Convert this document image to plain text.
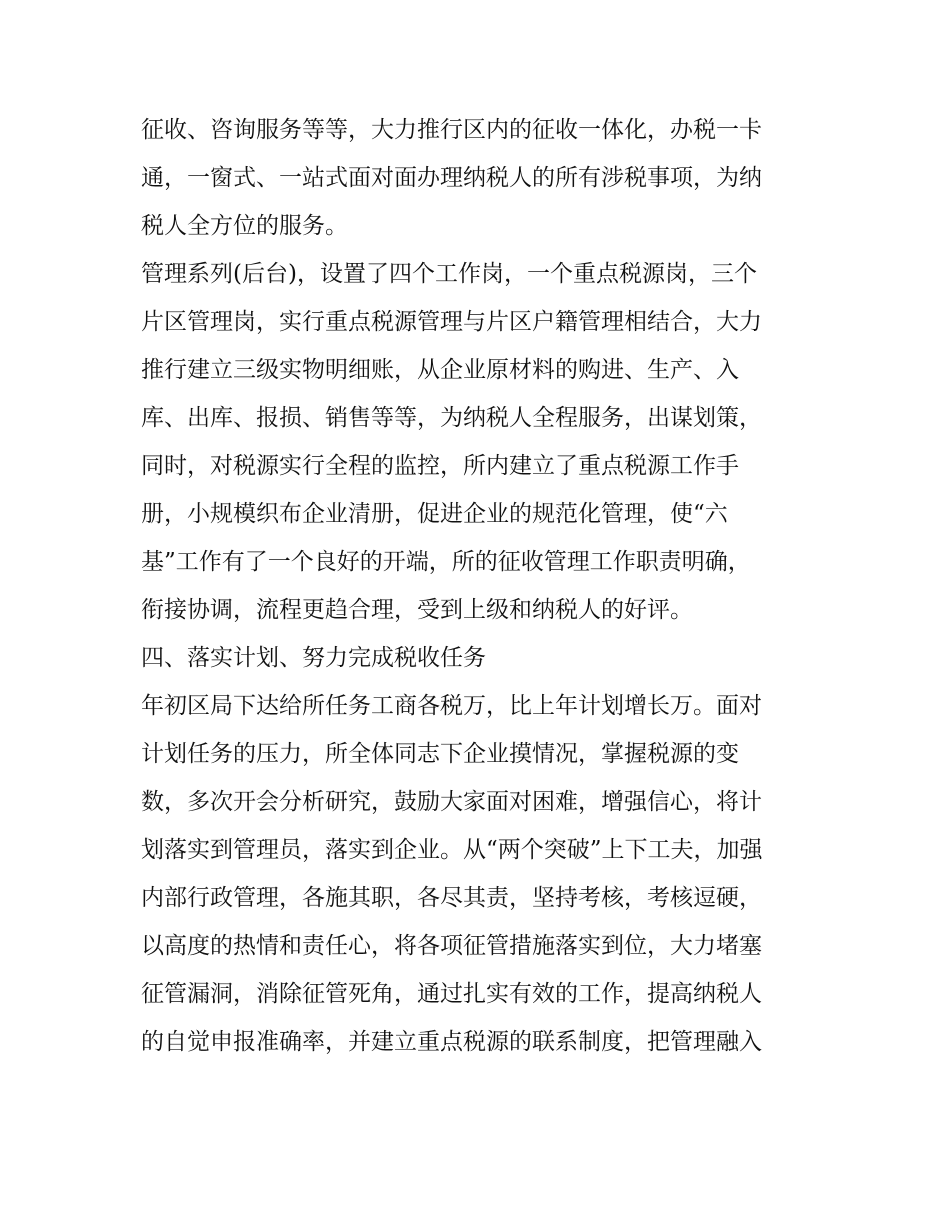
征收、咨询服务等等，大力推行区内的征收一体化，办税一卡
通，一窗式、一站式面对面办理纳税人的所有涉税事项，为纳
税人全方位的服务。
管理系列(后台)，设置了四个工作岗，一个重点税源岗，三个
片区管理岗，实行重点税源管理与片区户籍管理相结合，大力
推行建立三级实物明细账，从企业原材料的购进、生产、入
库、出库、报损、销售等等，为纳税人全程服务，出谋划策，
同时，对税源实行全程的监控，所内建立了重点税源工作手
册，小规模织布企业清册，促进企业的规范化管理，使“六
基”工作有了一个良好的开端，所的征收管理工作职责明确，
衔接协调，流程更趋合理，受到上级和纳税人的好评。
四、落实计划、努力完成税收任务
年初区局下达给所任务工商各税万，比上年计划增长万。面对
计划任务的压力，所全体同志下企业摸情况，掌握税源的变
数，多次开会分析研究，鼓励大家面对困难，增强信心，将计
划落实到管理员，落实到企业。从“两个突破”上下工夫，加强
内部行政管理，各施其职，各尽其责，坚持考核，考核逗硬，
以高度的热情和责任心，将各项征管措施落实到位，大力堵塞
征管漏洞，消除征管死角，通过扎实有效的工作，提高纳税人
的自觉申报准确率，并建立重点税源的联系制度，把管理融入
